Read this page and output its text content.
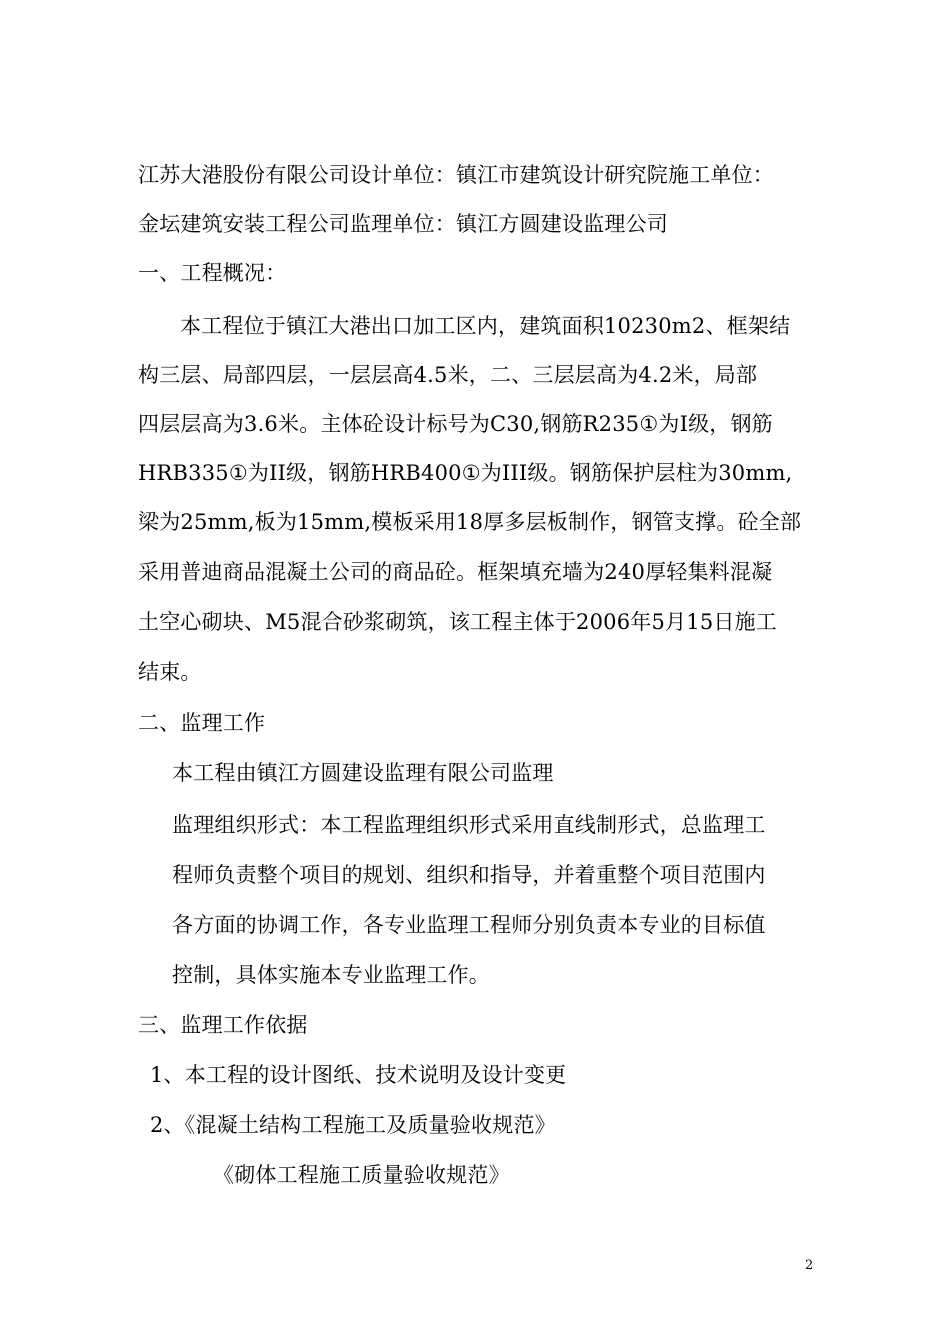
江苏大港股份有限公司设计单位：镇江市建筑设计研究院施工单位：
金坛建筑安装工程公司监理单位：镇江方圆建设监理公司
一、工程概况：
本工程位于镇江大港出口加工区内，建筑面积10230m2、框架结
构三层、局部四层，一层层高4.5米，二、三层层高为4.2米，局部
四层层高为3.6米。主体砼设计标号为C30,钢筋R235①为Ⅰ级，钢筋
HRB335①为II级，钢筋HRB400①为III级。钢筋保护层柱为30mm,
梁为25mm,板为15mm,模板采用18厚多层板制作，钢管支撑。砼全部
采用普迪商品混凝土公司的商品砼。框架填充墙为240厚轻集料混凝
土空心砌块、M5混合砂浆砌筑，该工程主体于2006年5月15日施工
结束。
二、监理工作
本工程由镇江方圆建设监理有限公司监理
监理组织形式：本工程监理组织形式采用直线制形式，总监理工
程师负责整个项目的规划、组织和指导，并着重整个项目范围内
各方面的协调工作，各专业监理工程师分别负责本专业的目标值
控制，具体实施本专业监理工作。
三、监理工作依据
1、本工程的设计图纸、技术说明及设计变更
2、《混凝土结构工程施工及质量验收规范》
《砌体工程施工质量验收规范》
2
